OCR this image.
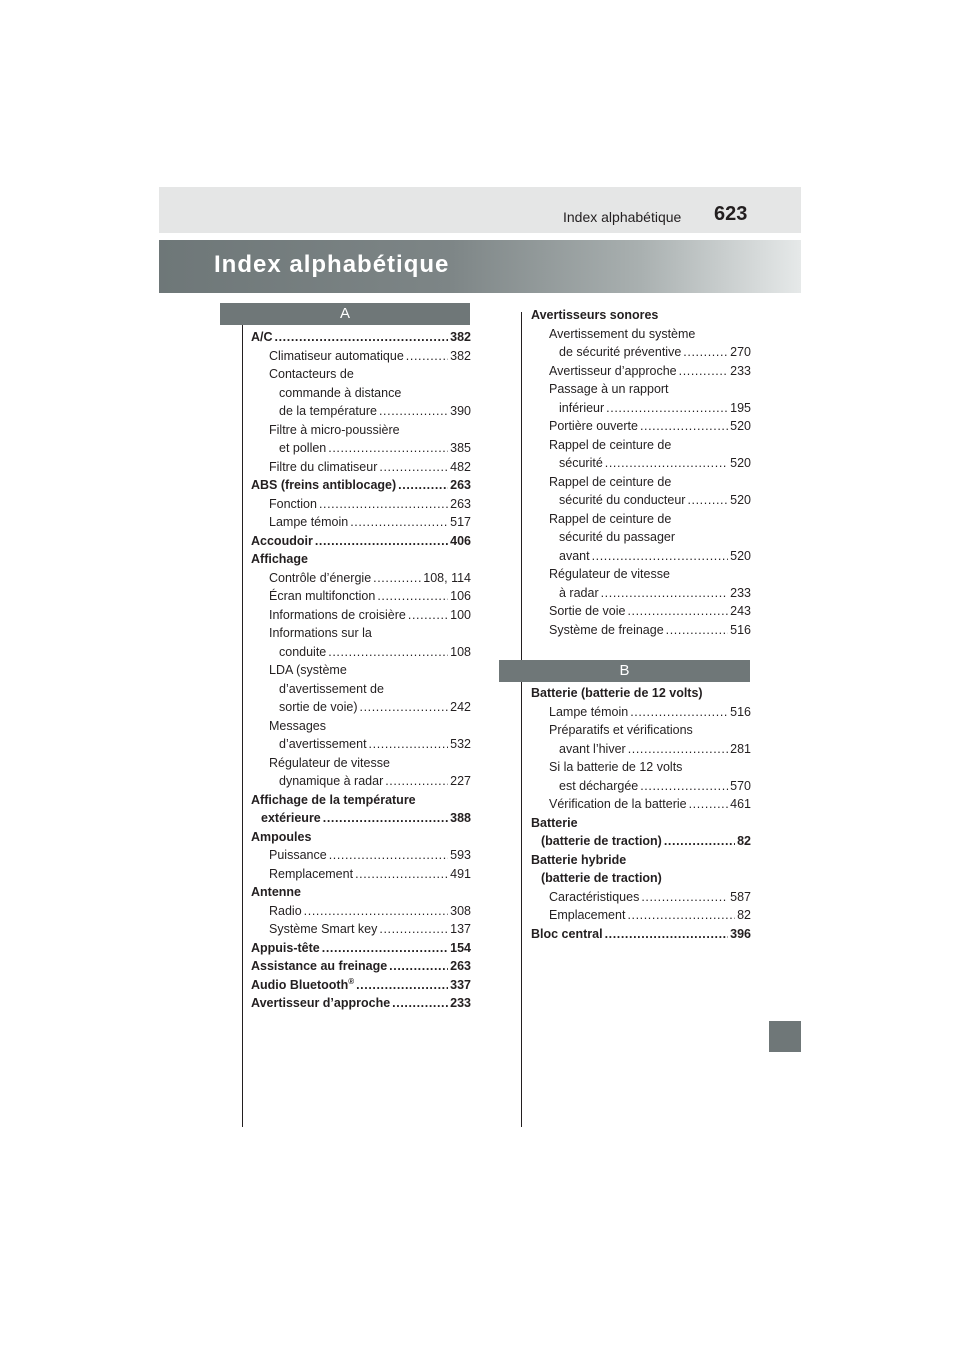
Index alphabétique 623
Index alphabétique
A
B
A/C .....	382
Climatiseur automatique .....	382
Contacteurs de
commande à distance
de la température .....	390
Filtre à micro-poussière
et pollen .....	385
Filtre du climatiseur .....	482
ABS (freins antiblocage) .....	263
Fonction .....	263
Lampe témoin .....	517
Accoudoir .....	406
Affichage
Contrôle d’énergie .....	108, 114
Écran multifonction .....	106
Informations de croisière .....	100
Informations sur la
conduite .....	108
LDA (système
d’avertissement de
sortie de voie) .....	242
Messages
d’avertissement .....	532
Régulateur de vitesse
dynamique à radar .....	227
Affichage de la température
extérieure .....	388
Ampoules
Puissance .....	593
Remplacement .....	491
Antenne
Radio .....	308
Système Smart key .....	137
Appuis-tête .....	154
Assistance au freinage .....	263
Audio Bluetooth® .....	337
Avertisseur d’approche .....	233
Avertisseurs sonores
Avertissement du système
de sécurité préventive .....	270
Avertisseur d’approche .....	233
Passage à un rapport
inférieur .....	195
Portière ouverte .....	520
Rappel de ceinture de
sécurité .....	520
Rappel de ceinture de
sécurité du conducteur .....	520
Rappel de ceinture de
sécurité du passager
avant .....	520
Régulateur de vitesse
à radar .....	233
Sortie de voie .....	243
Système de freinage .....	516
Batterie (batterie de 12 volts)
Lampe témoin .....	516
Préparatifs et vérifications
avant l’hiver .....	281
Si la batterie de 12 volts
est déchargée .....	570
Vérification de la batterie .....	461
Batterie
(batterie de traction) .....	82
Batterie hybride
(batterie de traction)
Caractéristiques .....	587
Emplacement .....	82
Bloc central .....	396
